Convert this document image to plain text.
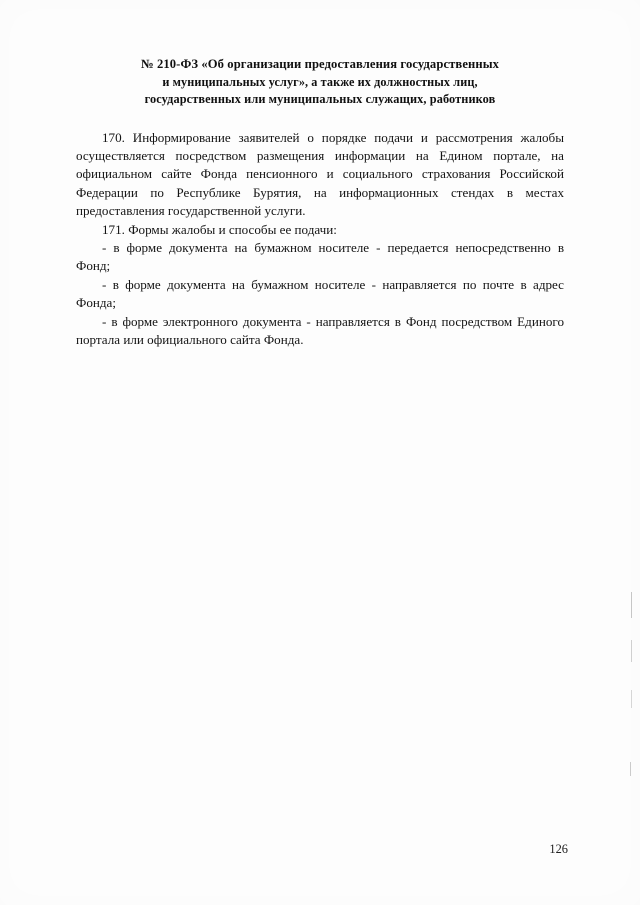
№ 210-ФЗ «Об организации предоставления государственных
и муниципальных услуг», а также их должностных лиц,
государственных или муниципальных служащих, работников

170. Информирование заявителей о порядке подачи и рассмотрения жалобы осуществляется посредством размещения информации на Едином портале, на официальном сайте Фонда пенсионного и социального страхования Российской Федерации по Республике Бурятия, на информационных стендах в местах предоставления государственной услуги.

171. Формы жалобы и способы ее подачи:

- в форме документа на бумажном носителе - передается непосредственно в Фонд;

- в форме документа на бумажном носителе - направляется по почте в адрес Фонда;

- в форме электронного документа - направляется в Фонд посредством Единого портала или официального сайта Фонда.

126
